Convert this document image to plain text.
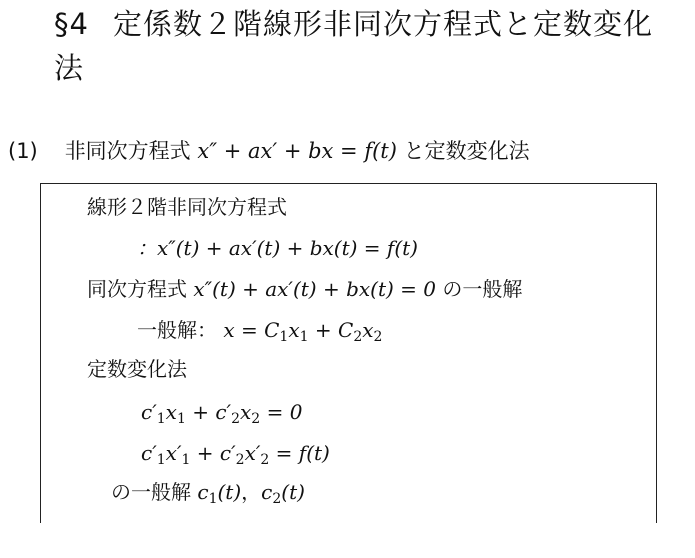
§4 定係数２階線形非同次方程式と定数変化法
(1) 非同次方程式 x″ + ax′ + bx = f(t) と定数変化法
線形２階非同次方程式
：x″(t) + ax′(t) + bx(t) = f(t)
同次方程式 x″(t) + ax′(t) + bx(t) = 0 の一般解
一般解： $x = C_1x_1 + C_2x_2$
定数変化法
$c'_1x_1 + c'_2x_2 = 0$
$c'_1x'_1 + c'_2x'_2 = f(t)$
の一般解 $c_1(t)$，$c_2(t)$
